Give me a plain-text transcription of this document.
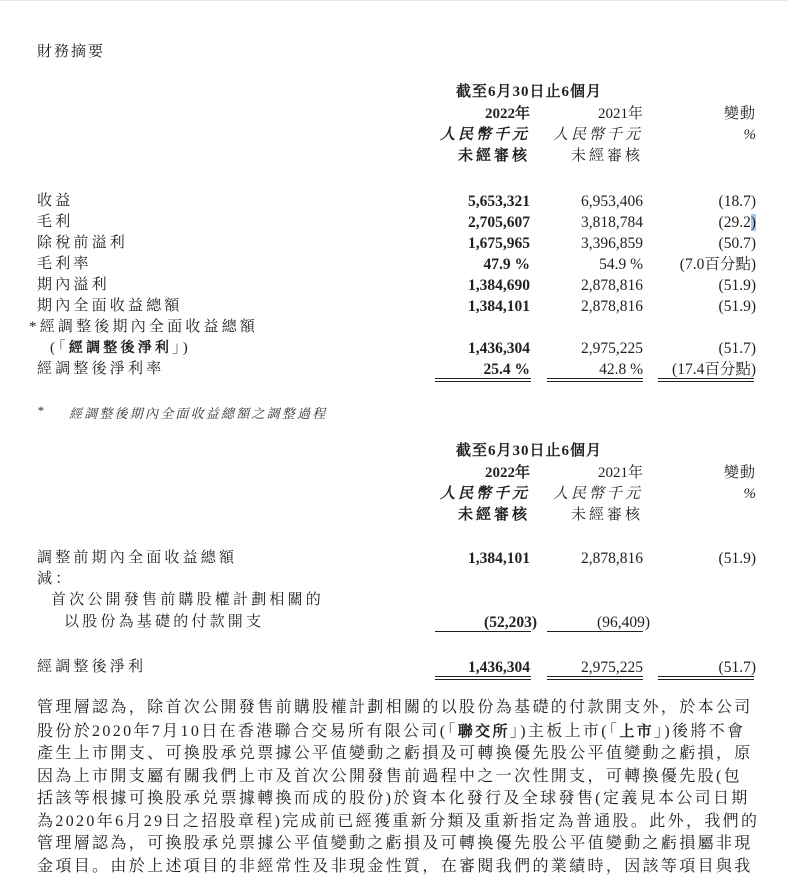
財務摘要
截至6月30日止6個月
2022年	2021年	變動
人民幣千元 人民幣千元	%
未經審核	未經審核
收益	5,653,321	6,953,406	(18.7)
毛利	2,705,607	3,818,784	(29.2)
除稅前溢利	1,675,965	3,396,859	(50.7)
毛利率	47.9 %	54.9 % (7.0百分點)
期內溢利	1,384,690	2,878,816	(51.9)
期內全面收益總額	1,384,101	2,878,816	(51.9)
*經調整後期內全面收益總額
(「經調整後淨利」)	1,436,304	2,975,225	(51.7)
經調整後淨利率	25.4 %	42.8 % (17.4百分點)
* 經調整後期內全面收益總額之調整過程
截至6月30日止6個月
2022年	2021年	變動
人民幣千元 人民幣千元	%
未經審核	未經審核
調整前期內全面收益總額	1,384,101	2,878,816	(51.9)
減：
首次公開發售前購股權計劃相關的
以股份為基礎的付款開支	(52,203)	(96,409)
經調整後淨利	1,436,304	2,975,225	(51.7)
管理層認為，除首次公開發售前購股權計劃相關的以股份為基礎的付款開支外，於本公司
股份於2020年7月10日在香港聯合交易所有限公司(「聯交所」)主板上市(「上市」)後將不會
產生上市開支、可換股承兑票據公平值變動之虧損及可轉換優先股公平值變動之虧損，原
因為上市開支屬有關我們上市及首次公開發售前過程中之一次性開支，可轉換優先股(包
括該等根據可換股承兑票據轉換而成的股份)於資本化發行及全球發售(定義見本公司日期
為2020年6月29日之招股章程)完成前已經獲重新分類及重新指定為普通股。此外，我們的
管理層認為，可換股承兑票據公平值變動之虧損及可轉換優先股公平值變動之虧損屬非現
金項目。由於上述項目的非經常性及非現金性質，在審閱我們的業績時，因該等項目與我
